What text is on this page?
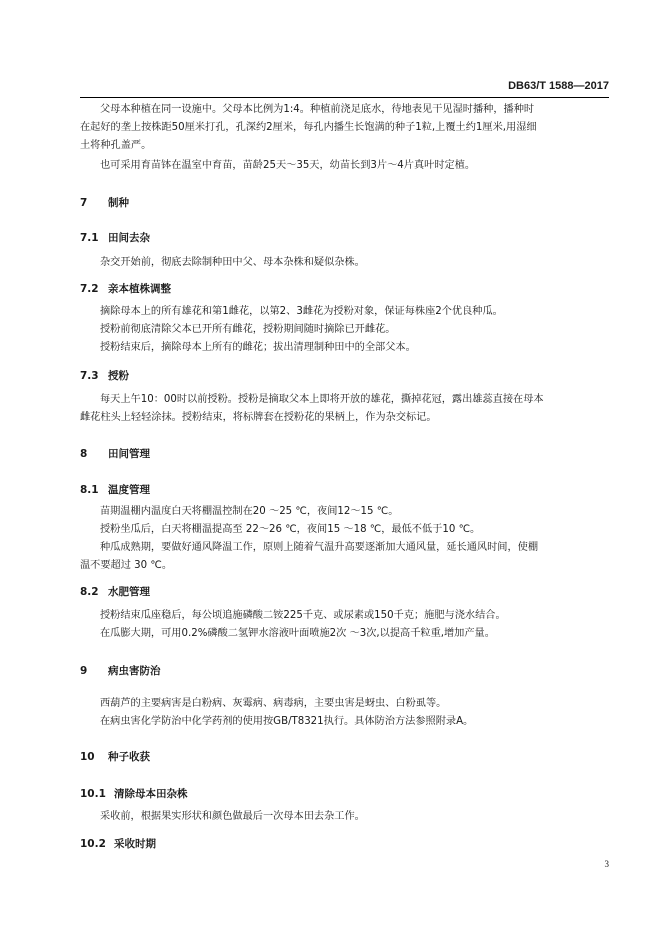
DB63/T 1588—2017
父母本种植在同一设施中。父母本比例为1:4。种植前浇足底水，待地表见干见湿时播种，播种时
在起好的垄上按株距50厘米打孔，孔深约2厘米，每孔内播生长饱满的种子1粒,上覆土约1厘米,用湿细
土将种孔盖严。
也可采用育苗钵在温室中育苗，苗龄25天～35天，幼苗长到3片～4片真叶时定植。
7 制种
7.1 田间去杂
杂交开始前，彻底去除制种田中父、母本杂株和疑似杂株。
7.2 亲本植株调整
摘除母本上的所有雄花和第1雌花，以第2、3雌花为授粉对象，保证每株座2个优良种瓜。
授粉前彻底清除父本已开所有雌花，授粉期间随时摘除已开雌花。
授粉结束后，摘除母本上所有的雌花；拔出清理制种田中的全部父本。
7.3 授粉
每天上午10：00时以前授粉。授粉是摘取父本上即将开放的雄花，撕掉花冠，露出雄蕊直接在母本
雌花柱头上轻轻涂抹。授粉结束，将标牌套在授粉花的果柄上，作为杂交标记。
8 田间管理
8.1 温度管理
苗期温棚内温度白天将棚温控制在20 ～25 ℃，夜间12～15 ℃。
授粉坐瓜后，白天将棚温提高至 22～26 ℃，夜间15 ～18 ℃，最低不低于10 ℃。
种瓜成熟期，要做好通风降温工作，原则上随着气温升高要逐渐加大通风量，延长通风时间，使棚
温不要超过 30 ℃。
8.2 水肥管理
授粉结束瓜座稳后，每公顷追施磷酸二铵225千克、或尿素或150千克；施肥与浇水结合。
在瓜膨大期，可用0.2%磷酸二氢钾水溶液叶面喷施2次 ～3次,以提高千粒重,增加产量。
9 病虫害防治
西葫芦的主要病害是白粉病、灰霉病、病毒病，主要虫害是蚜虫、白粉虱等。
在病虫害化学防治中化学药剂的使用按GB/T8321执行。具体防治方法参照附录A。
10 种子收获
10.1 清除母本田杂株
采收前，根据果实形状和颜色做最后一次母本田去杂工作。
10.2 采收时期
3
